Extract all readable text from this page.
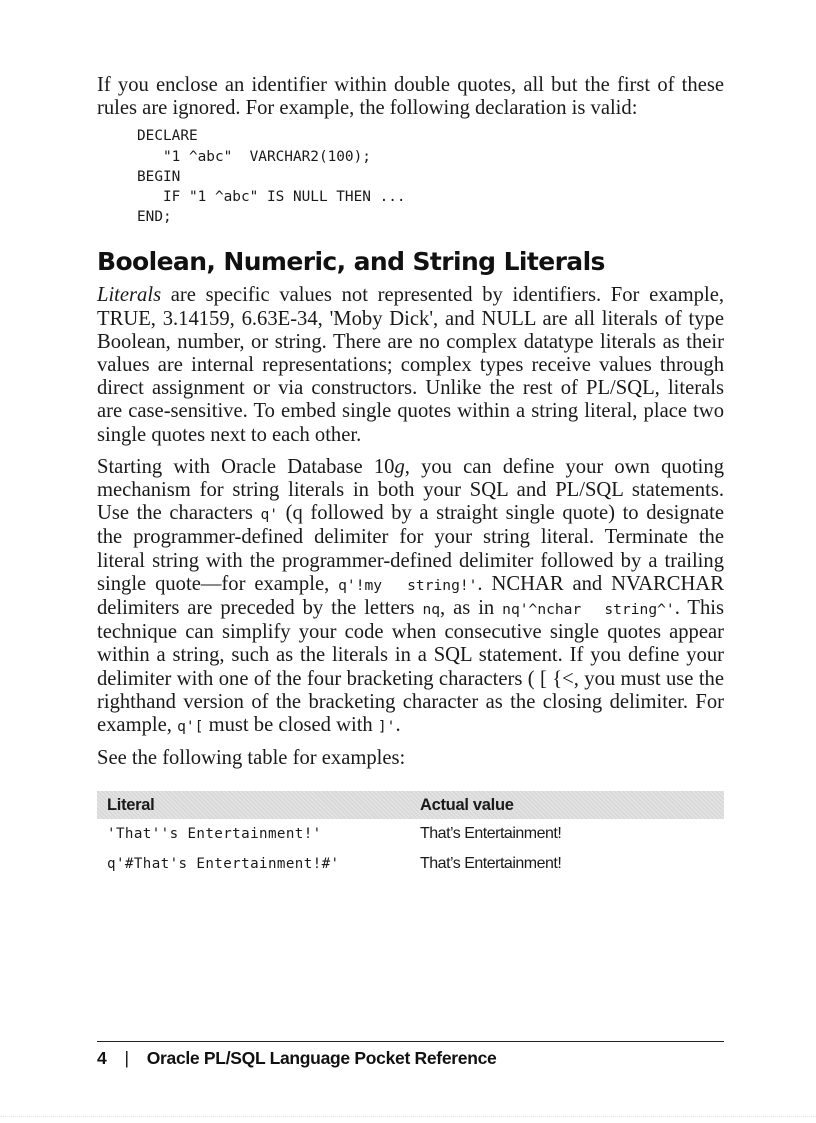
If you enclose an identifier within double quotes, all but the first of these rules are ignored. For example, the following declaration is valid:

DECLARE
"1 ^abc"  VARCHAR2(100);
BEGIN
IF "1 ^abc" IS NULL THEN ...
END;
Boolean, Numeric, and String Literals

Literals are specific values not represented by identifiers. For example, TRUE, 3.14159, 6.63E-34, 'Moby Dick', and NULL are all literals of type Boolean, number, or string. There are no complex datatype literals as their values are internal representations; complex types receive values through direct assignment or via constructors. Unlike the rest of PL/SQL, literals are case-sensitive. To embed single quotes within a string literal, place two single quotes next to each other.

Starting with Oracle Database 10g, you can define your own quoting mechanism for string literals in both your SQL and PL/SQL statements. Use the characters q' (q followed by a straight single quote) to designate the programmer-defined delimiter for your string literal. Terminate the literal string with the programmer-defined delimiter followed by a trailing single quote—for example, q'!my  string!'. NCHAR and NVARCHAR delimiters are preceded by the letters nq, as in nq'^nchar  string^'. This technique can simplify your code when consecutive single quotes appear within a string, such as the literals in a SQL statement. If you define your delimiter with one of the four bracketing characters ( [ {<, you must use the righthand version of the bracketing character as the closing delimiter. For example, q'[ must be closed with ]'.

See the following table for examples:

Literal	Actual value
'That''s Entertainment!'	That’s Entertainment!
q'#That's Entertainment!#'	That’s Entertainment!
4 | Oracle PL/SQL Language Pocket Reference
